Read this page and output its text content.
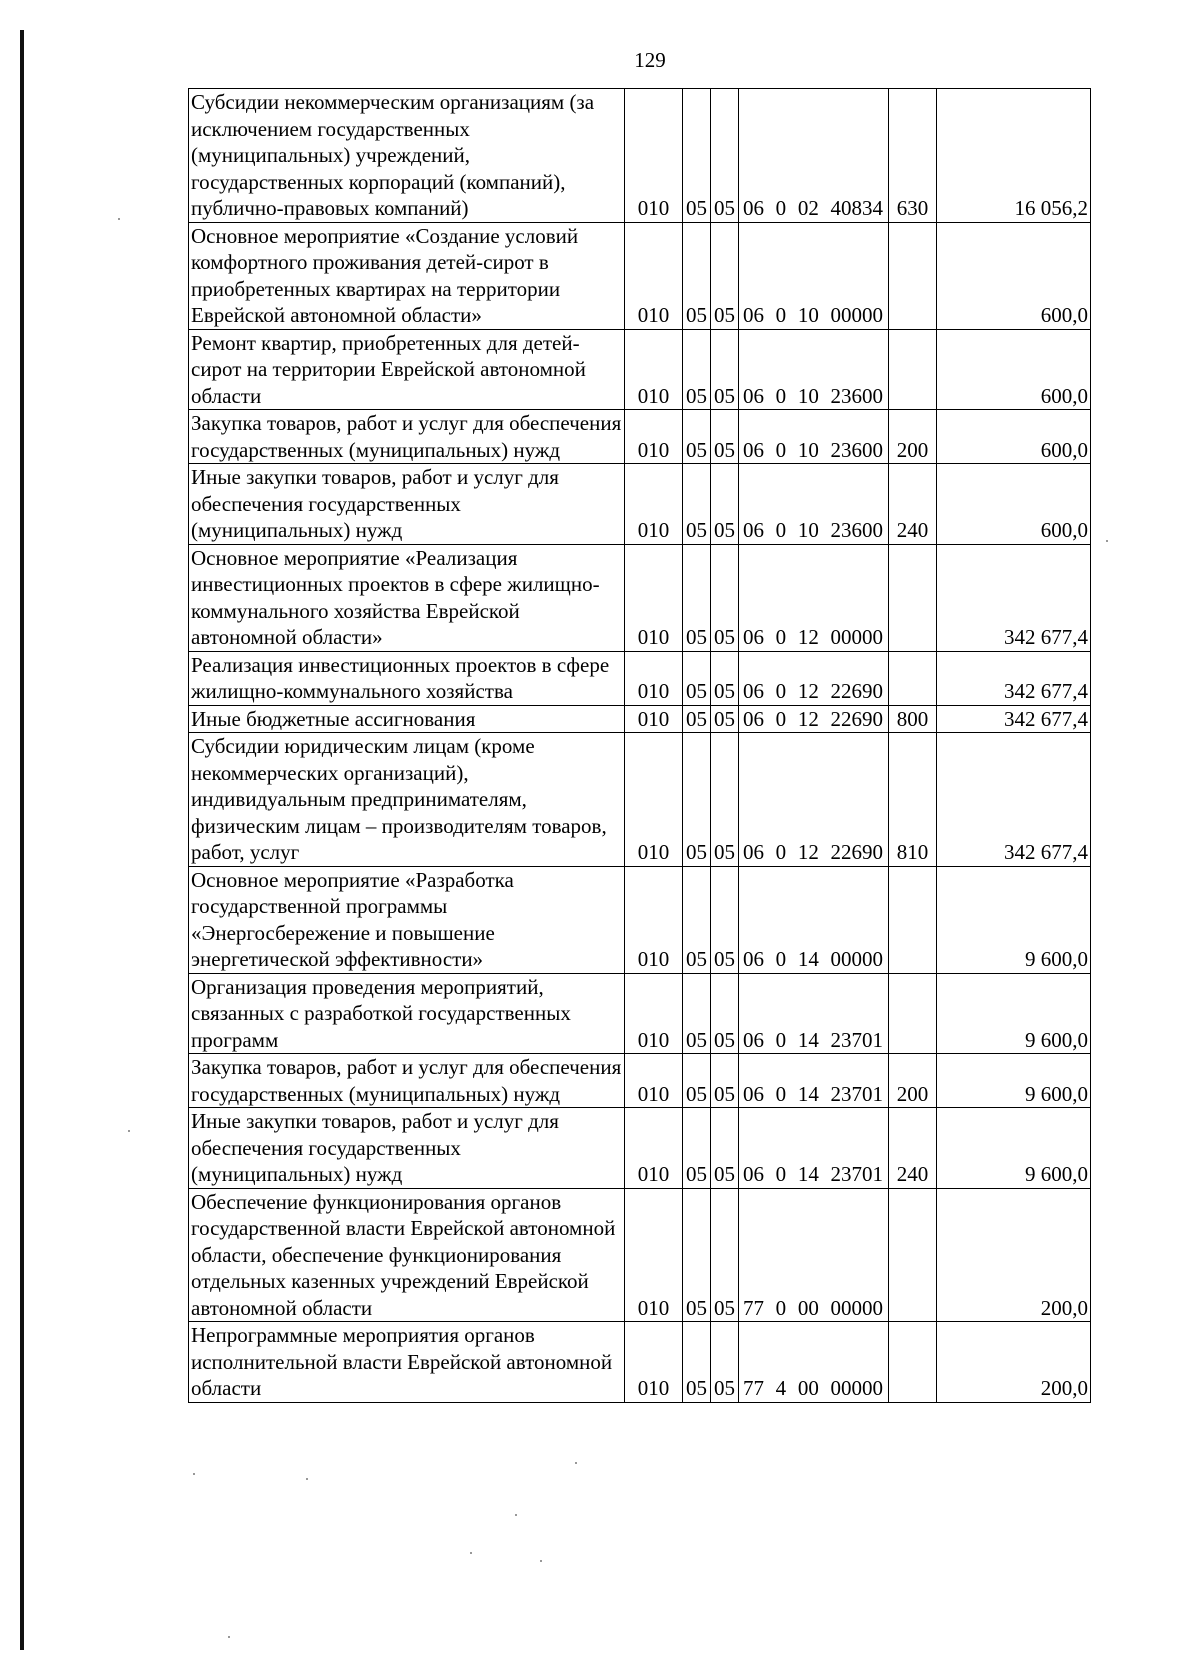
129
Субсидии некоммерческим организациям (за исключением государственных (муниципальных) учреждений, государственных корпораций (компаний), публично-правовых компаний)	010	05	05	06 0 02 40834	630	16 056,2
Основное мероприятие «Создание условий комфортного проживания детей-сирот в приобретенных квартирах на территории Еврейской автономной области»	010	05	05	06 0 10 00000		600,0
Ремонт квартир, приобретенных для детей-сирот на территории Еврейской автономной области	010	05	05	06 0 10 23600		600,0
Закупка товаров, работ и услуг для обеспечения государственных (муниципальных) нужд	010	05	05	06 0 10 23600	200	600,0
Иные закупки товаров, работ и услуг для обеспечения государственных (муниципальных) нужд	010	05	05	06 0 10 23600	240	600,0
Основное мероприятие «Реализация инвестиционных проектов в сфере жилищно-коммунального хозяйства Еврейской автономной области»	010	05	05	06 0 12 00000		342 677,4
Реализация инвестиционных проектов в сфере жилищно-коммунального хозяйства	010	05	05	06 0 12 22690		342 677,4
Иные бюджетные ассигнования	010	05	05	06 0 12 22690	800	342 677,4
Субсидии юридическим лицам (кроме некоммерческих организаций), индивидуальным предпринимателям, физическим лицам – производителям товаров, работ, услуг	010	05	05	06 0 12 22690	810	342 677,4
Основное мероприятие «Разработка государственной программы «Энергосбережение и повышение энергетической эффективности»	010	05	05	06 0 14 00000		9 600,0
Организация проведения мероприятий, связанных с разработкой государственных программ	010	05	05	06 0 14 23701		9 600,0
Закупка товаров, работ и услуг для обеспечения государственных (муниципальных) нужд	010	05	05	06 0 14 23701	200	9 600,0
Иные закупки товаров, работ и услуг для обеспечения государственных (муниципальных) нужд	010	05	05	06 0 14 23701	240	9 600,0
Обеспечение функционирования органов государственной власти Еврейской автономной области, обеспечение функционирования отдельных казенных учреждений Еврейской автономной области	010	05	05	77 0 00 00000		200,0
Непрограммные мероприятия органов исполнительной власти Еврейской автономной области	010	05	05	77 4 00 00000		200,0
